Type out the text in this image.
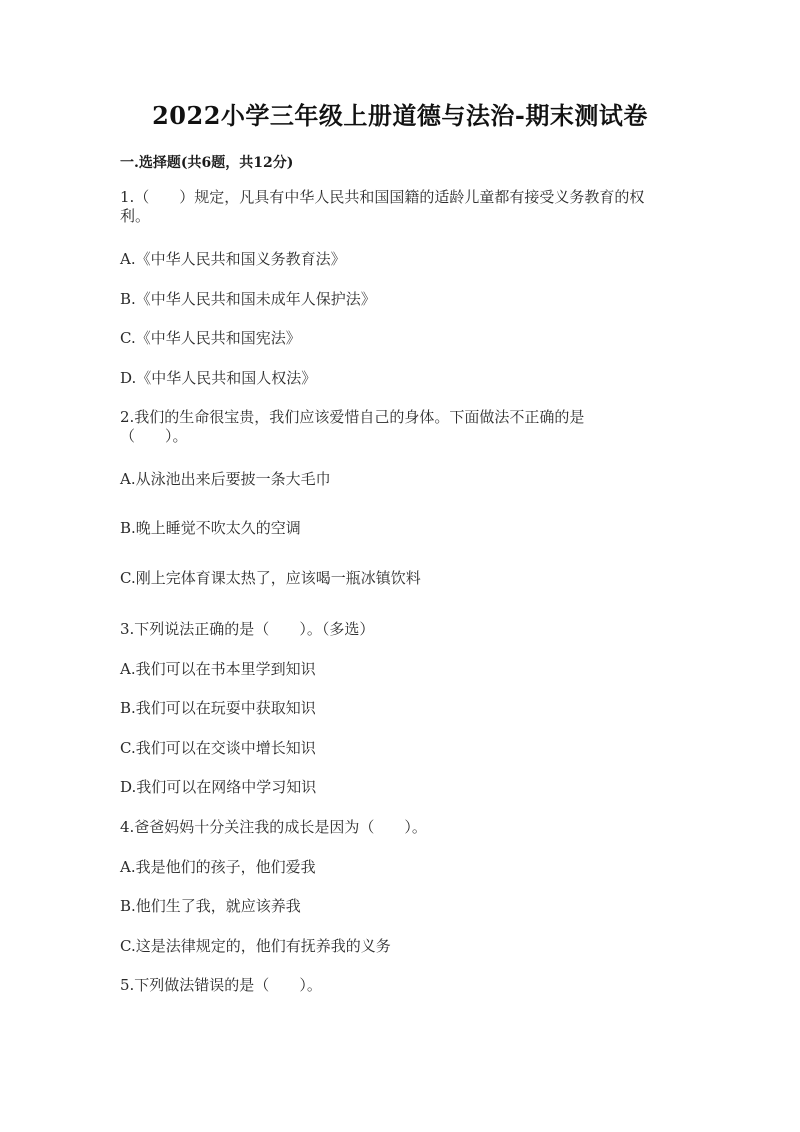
2022小学三年级上册道德与法治-期末测试卷
一.选择题(共6题，共12分)
1.（　　）规定，凡具有中华人民共和国国籍的适龄儿童都有接受义务教育的权
利。
A.《中华人民共和国义务教育法》
B.《中华人民共和国未成年人保护法》
C.《中华人民共和国宪法》
D.《中华人民共和国人权法》
2.我们的生命很宝贵，我们应该爱惜自己的身体。下面做法不正确的是
（　　）。
A.从泳池出来后要披一条大毛巾
B.晚上睡觉不吹太久的空调
C.刚上完体育课太热了，应该喝一瓶冰镇饮料
3.下列说法正确的是（　　）。（多选）
A.我们可以在书本里学到知识
B.我们可以在玩耍中获取知识
C.我们可以在交谈中增长知识
D.我们可以在网络中学习知识
4.爸爸妈妈十分关注我的成长是因为（　　）。
A.我是他们的孩子，他们爱我
B.他们生了我，就应该养我
C.这是法律规定的，他们有抚养我的义务
5.下列做法错误的是（　　）。
